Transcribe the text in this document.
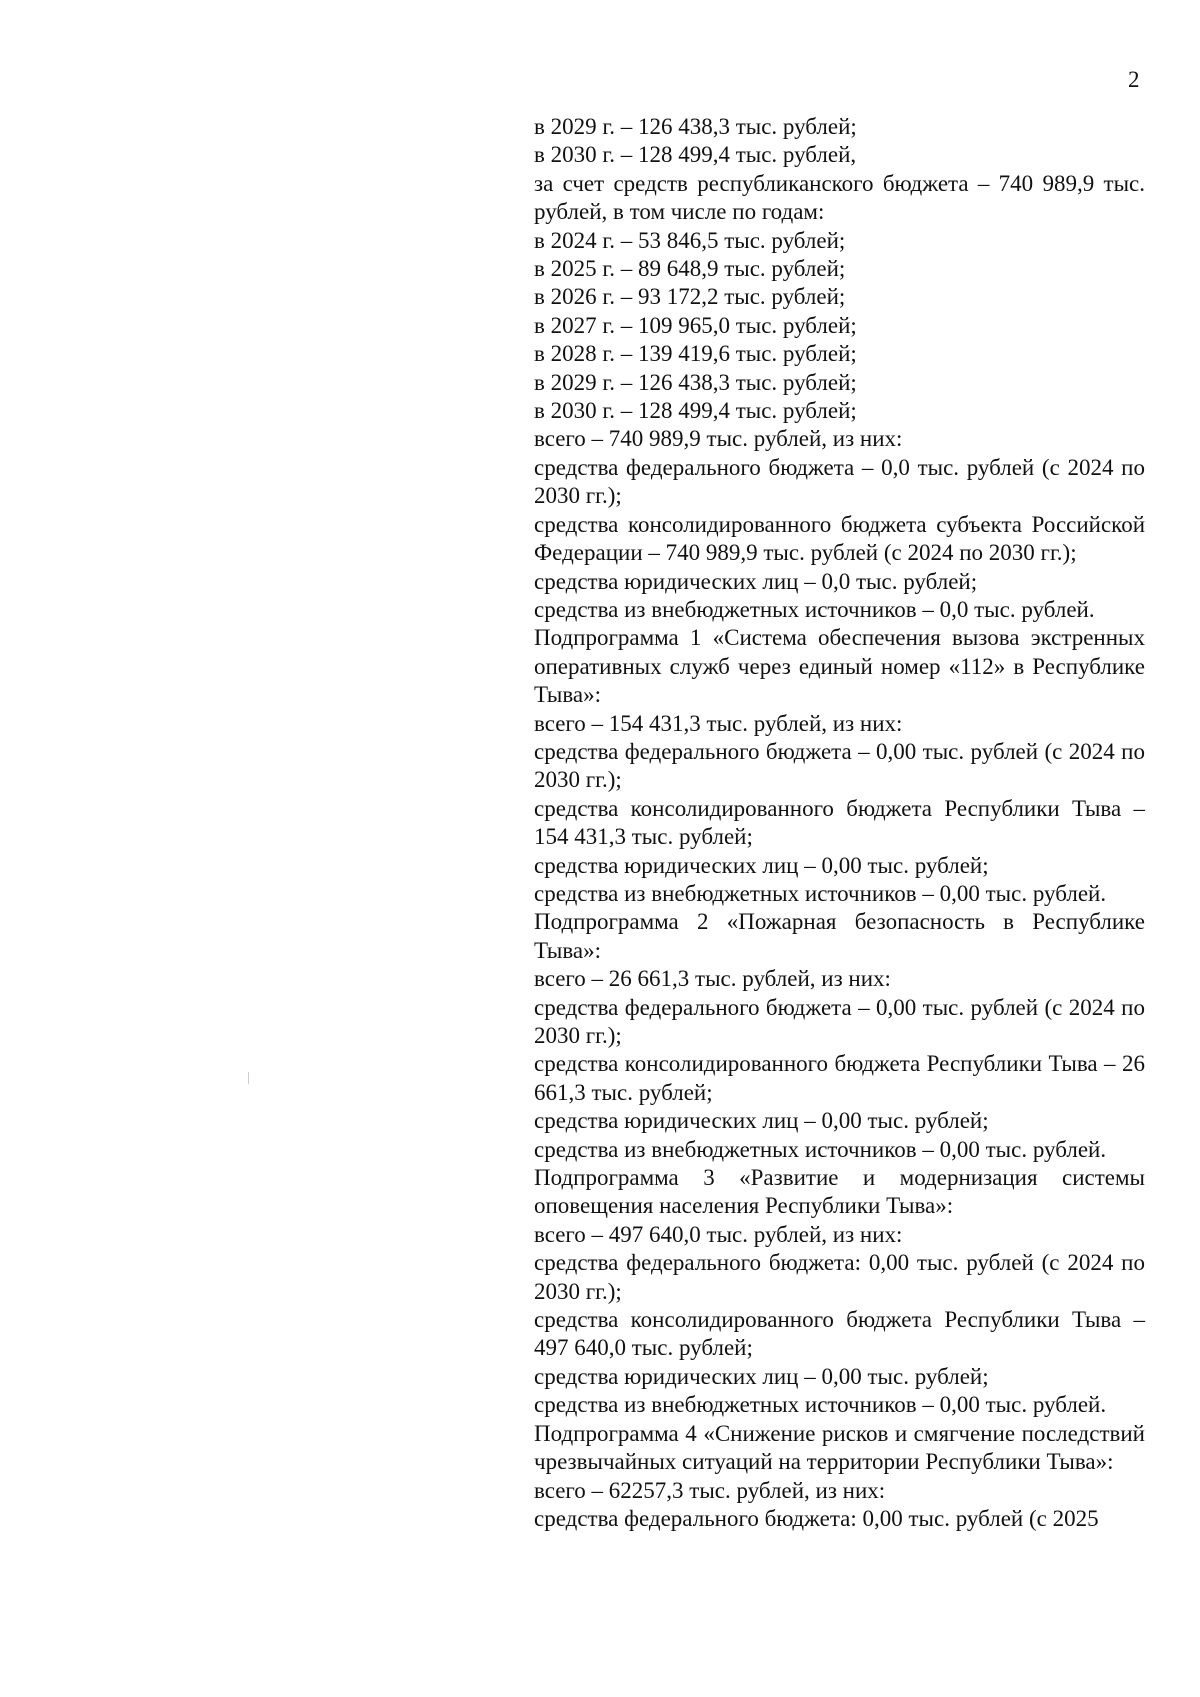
2

в 2029 г. – 126 438,3 тыс. рублей;

в 2030 г. – 128 499,4 тыс. рублей,

за счет средств республиканского бюджета – 740 989,9 тыс. рублей, в том числе по годам:

в 2024 г. – 53 846,5 тыс. рублей;

в 2025 г. – 89 648,9 тыс. рублей;

в 2026 г. – 93 172,2 тыс. рублей;

в 2027 г. – 109 965,0 тыс. рублей;

в 2028 г. – 139 419,6 тыс. рублей;

в 2029 г. – 126 438,3 тыс. рублей;

в 2030 г. – 128 499,4 тыс. рублей;

всего – 740 989,9 тыс. рублей, из них:

средства федерального бюджета – 0,0 тыс. рублей (с 2024 по 2030 гг.);

средства консолидированного бюджета субъекта Российской Федерации – 740 989,9 тыс. рублей (с 2024 по 2030 гг.);

средства юридических лиц – 0,0 тыс. рублей;

средства из внебюджетных источников – 0,0 тыс. рублей.

Подпрограмма 1 «Система обеспечения вызова экстренных оперативных служб через единый номер «112» в Республике Тыва»:

всего – 154 431,3 тыс. рублей, из них:

средства федерального бюджета – 0,00 тыс. рублей (с 2024 по 2030 гг.);

средства консолидированного бюджета Республики Тыва – 154 431,3 тыс. рублей;

средства юридических лиц – 0,00 тыс. рублей;

средства из внебюджетных источников – 0,00 тыс. рублей.

Подпрограмма 2 «Пожарная безопасность в Республике Тыва»:

всего – 26 661,3 тыс. рублей, из них:

средства федерального бюджета – 0,00 тыс. рублей (с 2024 по 2030 гг.);

средства консолидированного бюджета Республики Тыва – 26 661,3 тыс. рублей;

средства юридических лиц – 0,00 тыс. рублей;

средства из внебюджетных источников – 0,00 тыс. рублей.

Подпрограмма 3 «Развитие и модернизация системы оповещения населения Республики Тыва»:

всего – 497 640,0 тыс. рублей, из них:

средства федерального бюджета: 0,00 тыс. рублей (с 2024 по 2030 гг.);

средства консолидированного бюджета Республики Тыва – 497 640,0 тыс. рублей;

средства юридических лиц – 0,00 тыс. рублей;

средства из внебюджетных источников – 0,00 тыс. рублей.

Подпрограмма 4 «Снижение рисков и смягчение последствий чрезвычайных ситуаций на территории Республики Тыва»:

всего – 62257,3 тыс. рублей, из них:

средства федерального бюджета: 0,00 тыс. рублей (с 2025
